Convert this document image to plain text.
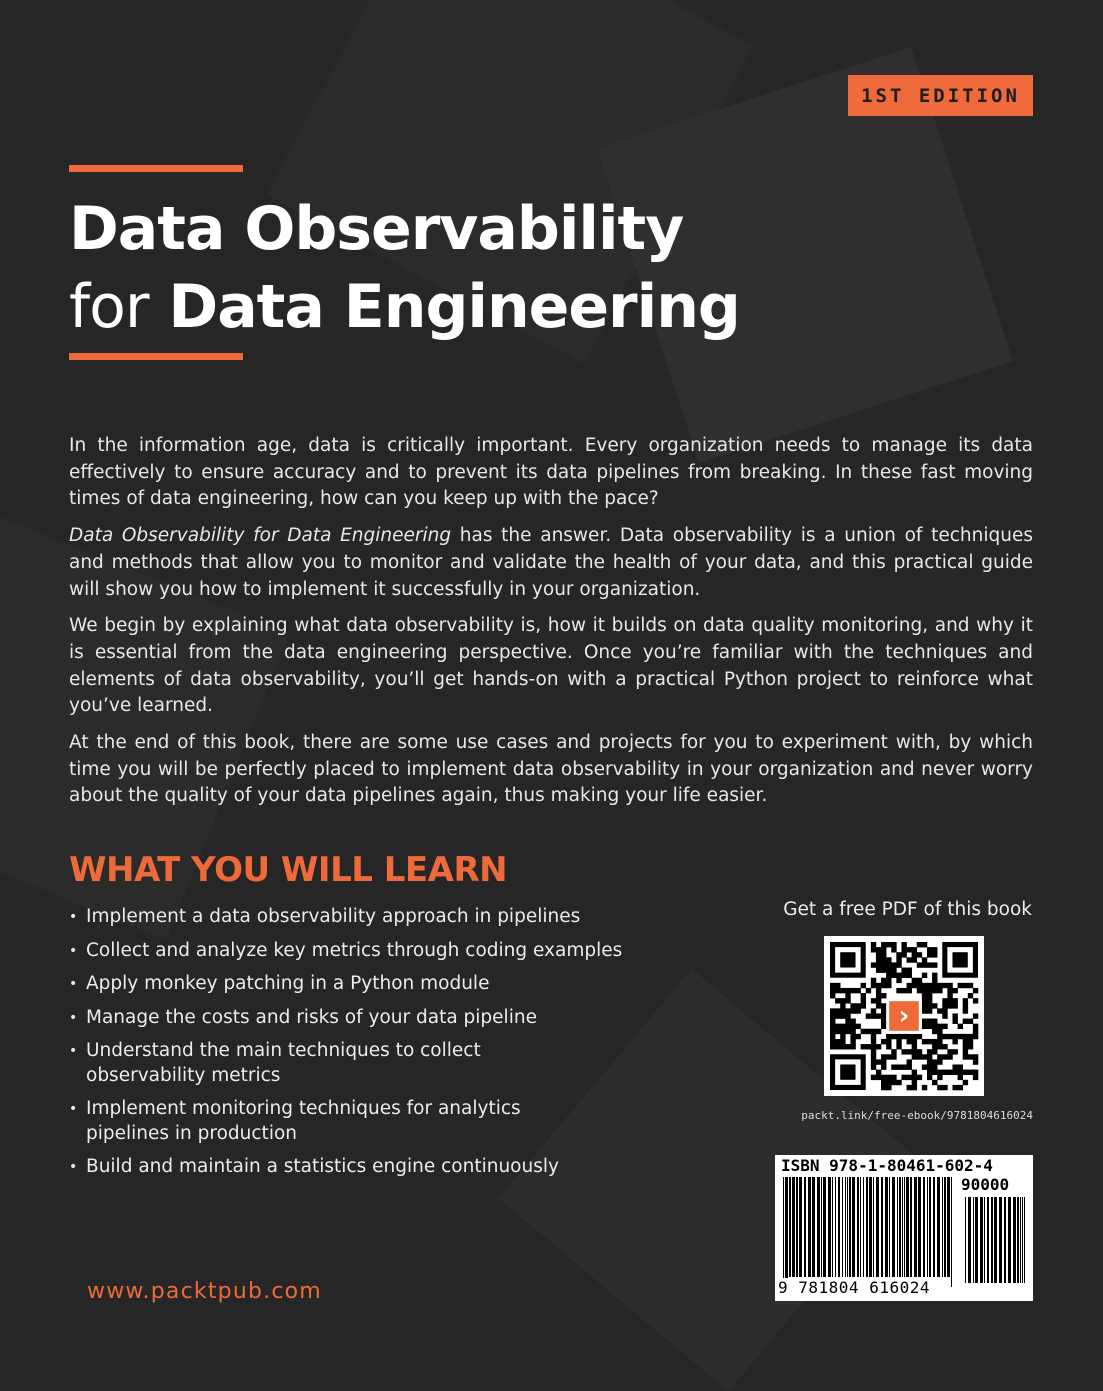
1ST EDITION
Data Observability
for Data Engineering

In the information age, data is critically important. Every organization needs to manage its data effectively to ensure accuracy and to prevent its data pipelines from breaking. In these fast moving times of data engineering, how can you keep up with the pace?

Data Observability for Data Engineering has the answer. Data observability is a union of techniques and methods that allow you to monitor and validate the health of your data, and this practical guide will show you how to implement it successfully in your organization.

We begin by explaining what data observability is, how it builds on data quality monitoring, and why it is essential from the data engineering perspective. Once you’re familiar with the techniques and elements of data observability, you’ll get hands-on with a practical Python project to reinforce what you’ve learned.

At the end of this book, there are some use cases and projects for you to experiment with, by which time you will be perfectly placed to implement data observability in your organization and never worry about the quality of your data pipelines again, thus making your life easier.

WHAT YOU WILL LEARN
• Implement a data observability approach in pipelines
• Collect and analyze key metrics through coding examples
• Apply monkey patching in a Python module
• Manage the costs and risks of your data pipeline
• Understand the main techniques to collect observability metrics
• Implement monitoring techniques for analytics pipelines in production
• Build and maintain a statistics engine continuously
www.packtpub.com
Get a free PDF of this book
›
packt.link/free-ebook/9781804616024
ISBN 978-1-80461-602-4
90000
9 781804 616024
